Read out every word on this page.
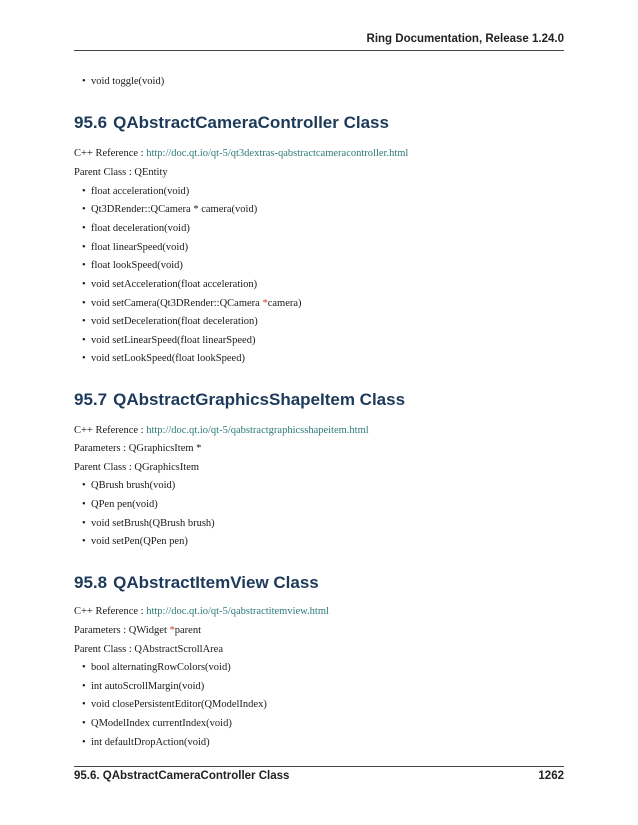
Ring Documentation, Release 1.24.0
• void toggle(void)
95.6 QAbstractCameraController Class
C++ Reference : http://doc.qt.io/qt-5/qt3dextras-qabstractcameracontroller.html
Parent Class : QEntity
• float acceleration(void)
• Qt3DRender::QCamera * camera(void)
• float deceleration(void)
• float linearSpeed(void)
• float lookSpeed(void)
• void setAcceleration(float acceleration)
• void setCamera(Qt3DRender::QCamera *camera)
• void setDeceleration(float deceleration)
• void setLinearSpeed(float linearSpeed)
• void setLookSpeed(float lookSpeed)
95.7 QAbstractGraphicsShapeItem Class
C++ Reference : http://doc.qt.io/qt-5/qabstractgraphicsshapeitem.html
Parameters : QGraphicsItem *
Parent Class : QGraphicsItem
• QBrush brush(void)
• QPen pen(void)
• void setBrush(QBrush brush)
• void setPen(QPen pen)
95.8 QAbstractItemView Class
C++ Reference : http://doc.qt.io/qt-5/qabstractitemview.html
Parameters : QWidget *parent
Parent Class : QAbstractScrollArea
• bool alternatingRowColors(void)
• int autoScrollMargin(void)
• void closePersistentEditor(QModelIndex)
• QModelIndex currentIndex(void)
• int defaultDropAction(void)
95.6. QAbstractCameraController Class	1262
